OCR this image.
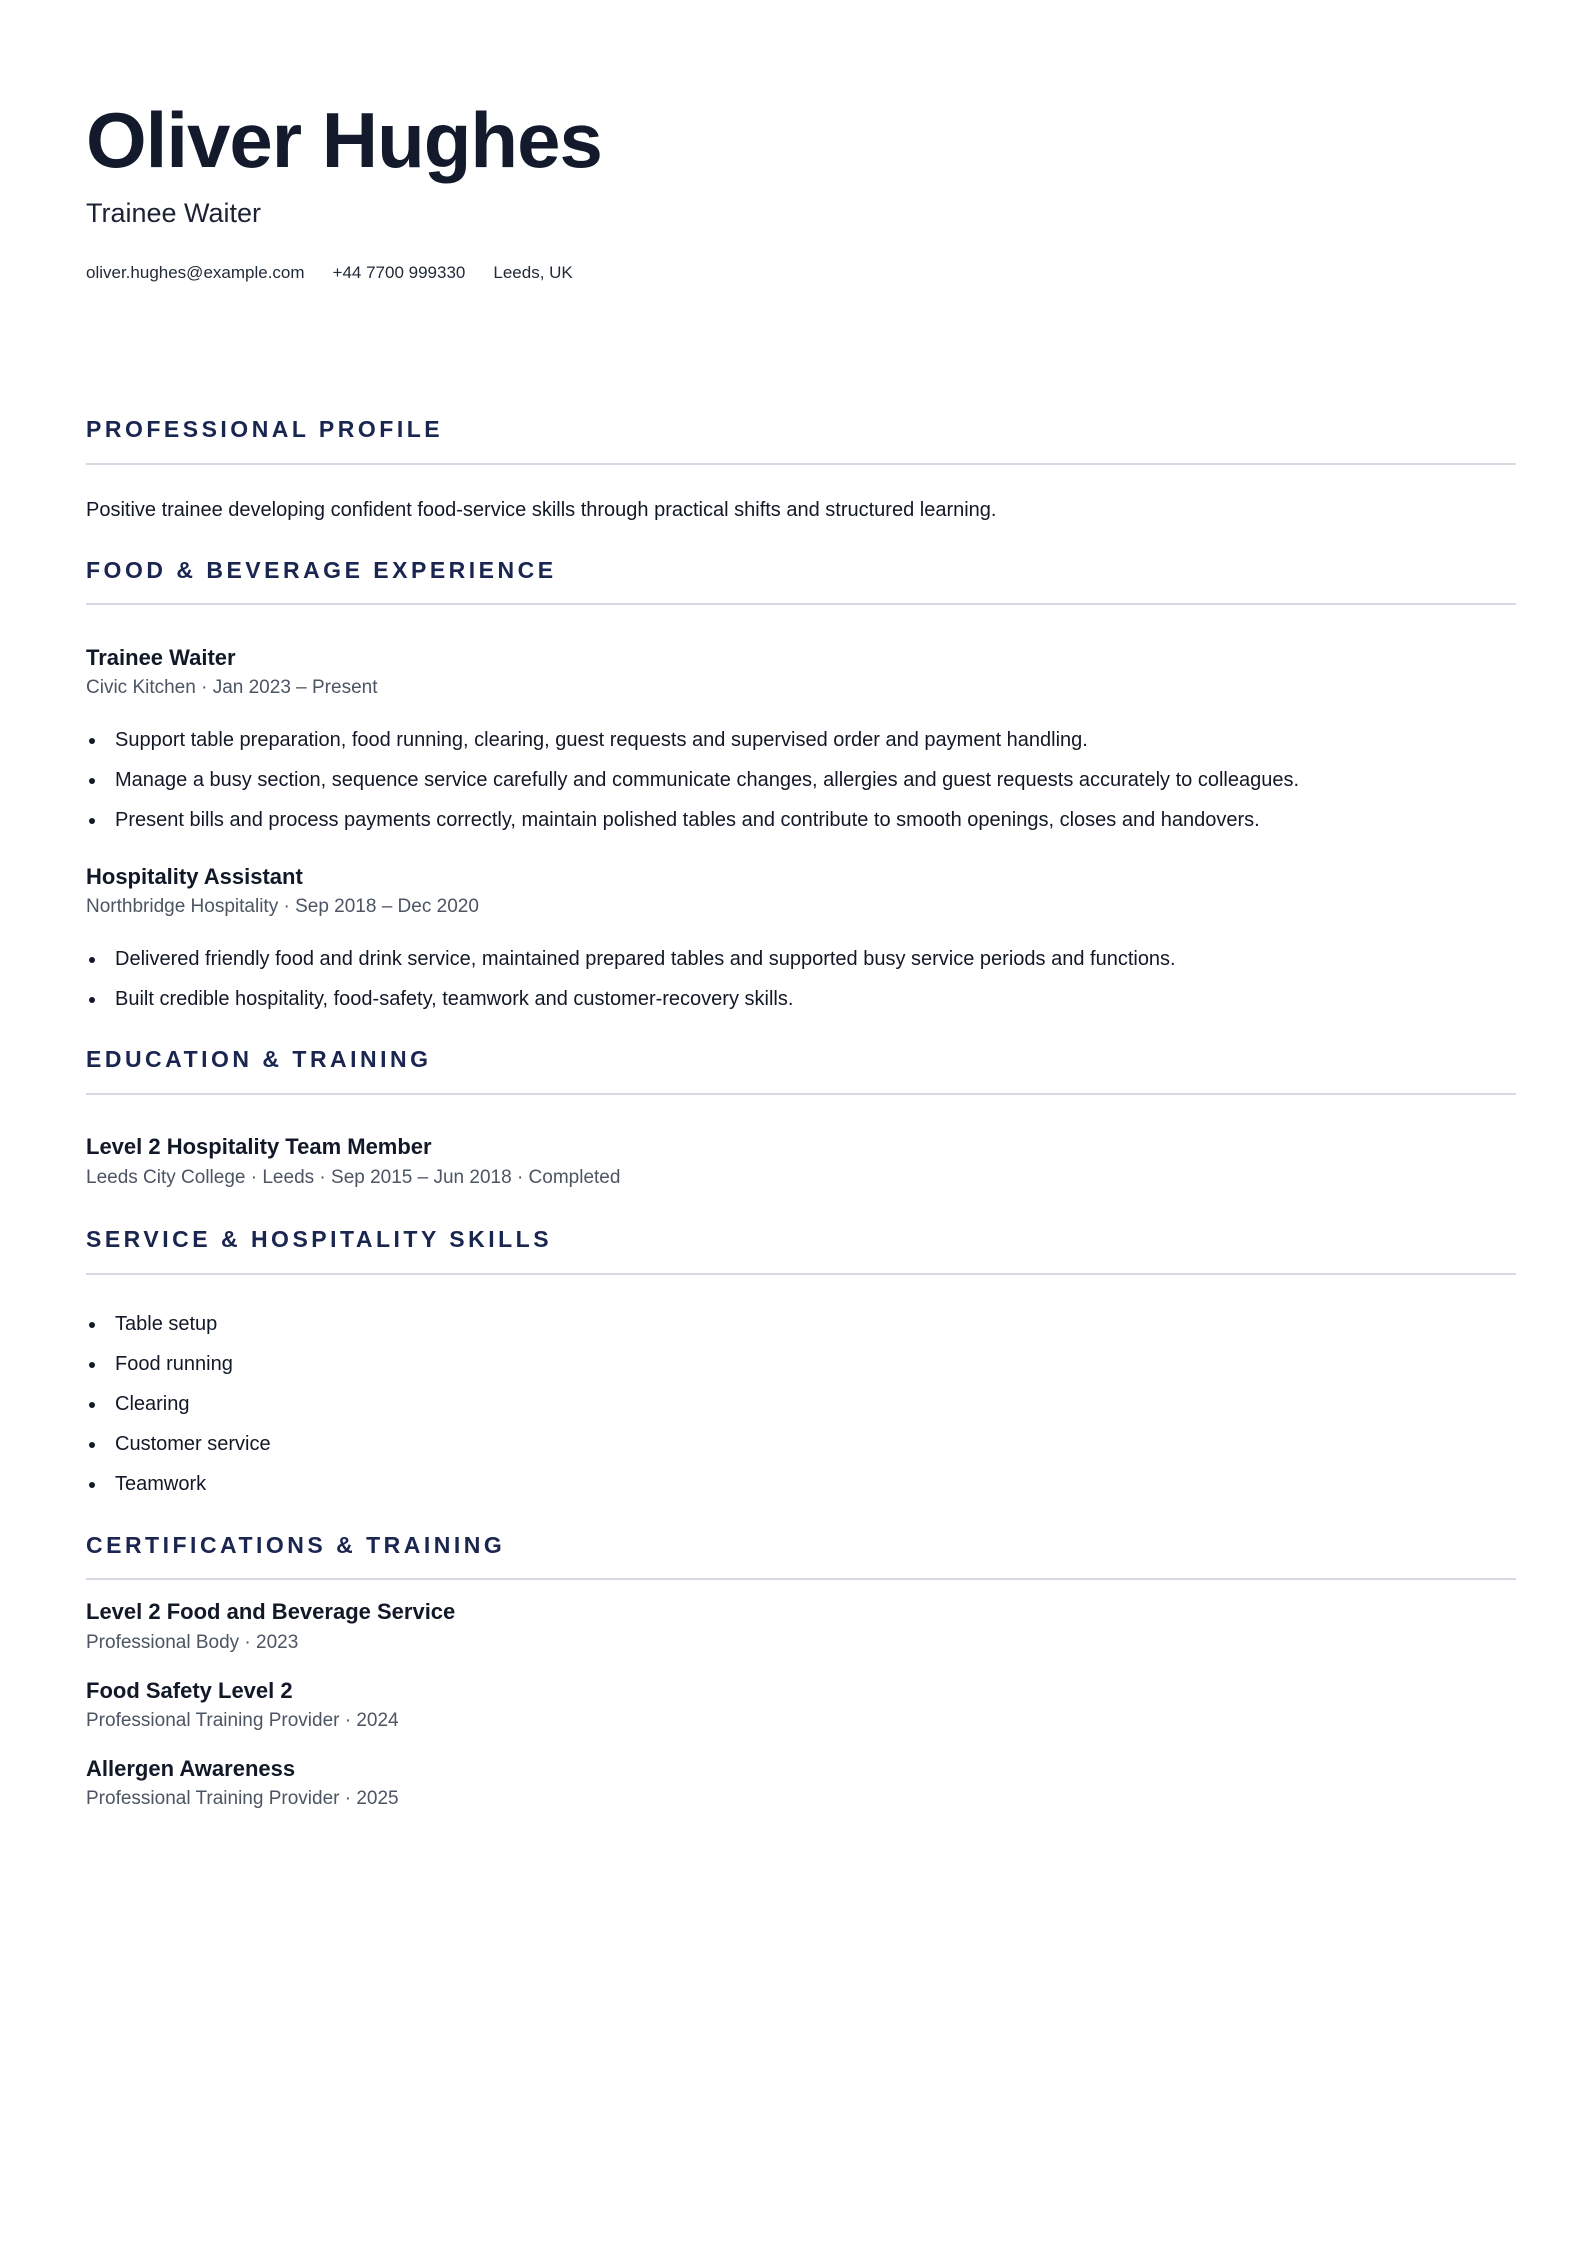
Oliver Hughes
Trainee Waiter
oliver.hughes@example.com +44 7700 999330 Leeds, UK
PROFESSIONAL PROFILE
Positive trainee developing confident food-service skills through practical shifts and structured learning.
FOOD & BEVERAGE EXPERIENCE
Trainee Waiter
Civic Kitchen · Jan 2023 – Present
Support table preparation, food running, clearing, guest requests and supervised order and payment handling.
Manage a busy section, sequence service carefully and communicate changes, allergies and guest requests accurately to colleagues.
Present bills and process payments correctly, maintain polished tables and contribute to smooth openings, closes and handovers.
Hospitality Assistant
Northbridge Hospitality · Sep 2018 – Dec 2020
Delivered friendly food and drink service, maintained prepared tables and supported busy service periods and functions.
Built credible hospitality, food-safety, teamwork and customer-recovery skills.
EDUCATION & TRAINING
Level 2 Hospitality Team Member
Leeds City College · Leeds · Sep 2015 – Jun 2018 · Completed
SERVICE & HOSPITALITY SKILLS
Table setup
Food running
Clearing
Customer service
Teamwork
CERTIFICATIONS & TRAINING
Level 2 Food and Beverage Service
Professional Body · 2023
Food Safety Level 2
Professional Training Provider · 2024
Allergen Awareness
Professional Training Provider · 2025
